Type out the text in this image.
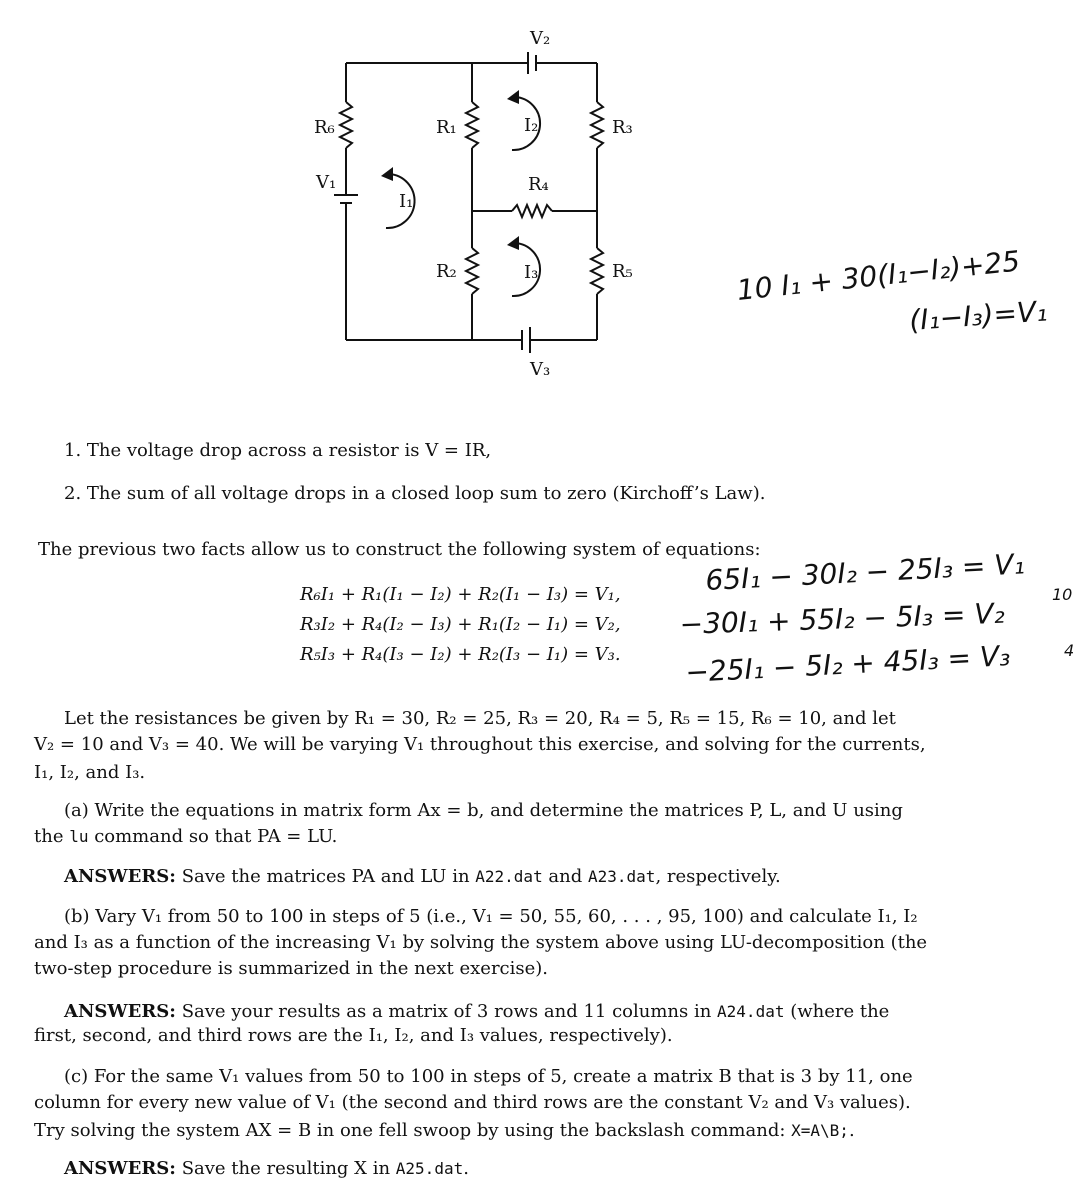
V₂
V₃
V₁
R₆	R₁
R₂
R₃
R₄
R₅
I₁
I₂
I₃	10 I₁ + 30(I₁−I₂)+25
(I₁−I₃)=V₁
65I₁ − 30I₂ − 25I₃ = V₁
−30I₁ + 55I₂ − 5I₃ = V₂
−25I₁ − 5I₂ + 45I₃ = V₃
10
4
1. The voltage drop across a resistor is V = IR,
2. The sum of all voltage drops in a closed loop sum to zero (Kirchoff’s Law).
The previous two facts allow us to construct the following system of equations:
R₆I₁ + R₁(I₁ − I₂) + R₂(I₁ − I₃) = V₁,
R₃I₂ + R₄(I₂ − I₃) + R₁(I₂ − I₁) = V₂,
R₅I₃ + R₄(I₃ − I₂) + R₂(I₃ − I₁) = V₃.
Let the resistances be given by R₁ = 30, R₂ = 25, R₃ = 20, R₄ = 5, R₅ = 15, R₆ = 10, and let
V₂ = 10 and V₃ = 40. We will be varying V₁ throughout this exercise, and solving for the currents,
I₁, I₂, and I₃.
(a) Write the equations in matrix form Ax = b, and determine the matrices P, L, and U using
the lu command so that PA = LU.
ANSWERS: Save the matrices PA and LU in A22.dat and A23.dat, respectively.
(b) Vary V₁ from 50 to 100 in steps of 5 (i.e., V₁ = 50, 55, 60, . . . , 95, 100) and calculate I₁, I₂
and I₃ as a function of the increasing V₁ by solving the system above using LU-decomposition (the
two-step procedure is summarized in the next exercise).
ANSWERS: Save your results as a matrix of 3 rows and 11 columns in A24.dat (where the
first, second, and third rows are the I₁, I₂, and I₃ values, respectively).
(c) For the same V₁ values from 50 to 100 in steps of 5, create a matrix B that is 3 by 11, one
column for every new value of V₁ (the second and third rows are the constant V₂ and V₃ values).
Try solving the system AX = B in one fell swoop by using the backslash command: X=A\B;.
ANSWERS: Save the resulting X in A25.dat.
